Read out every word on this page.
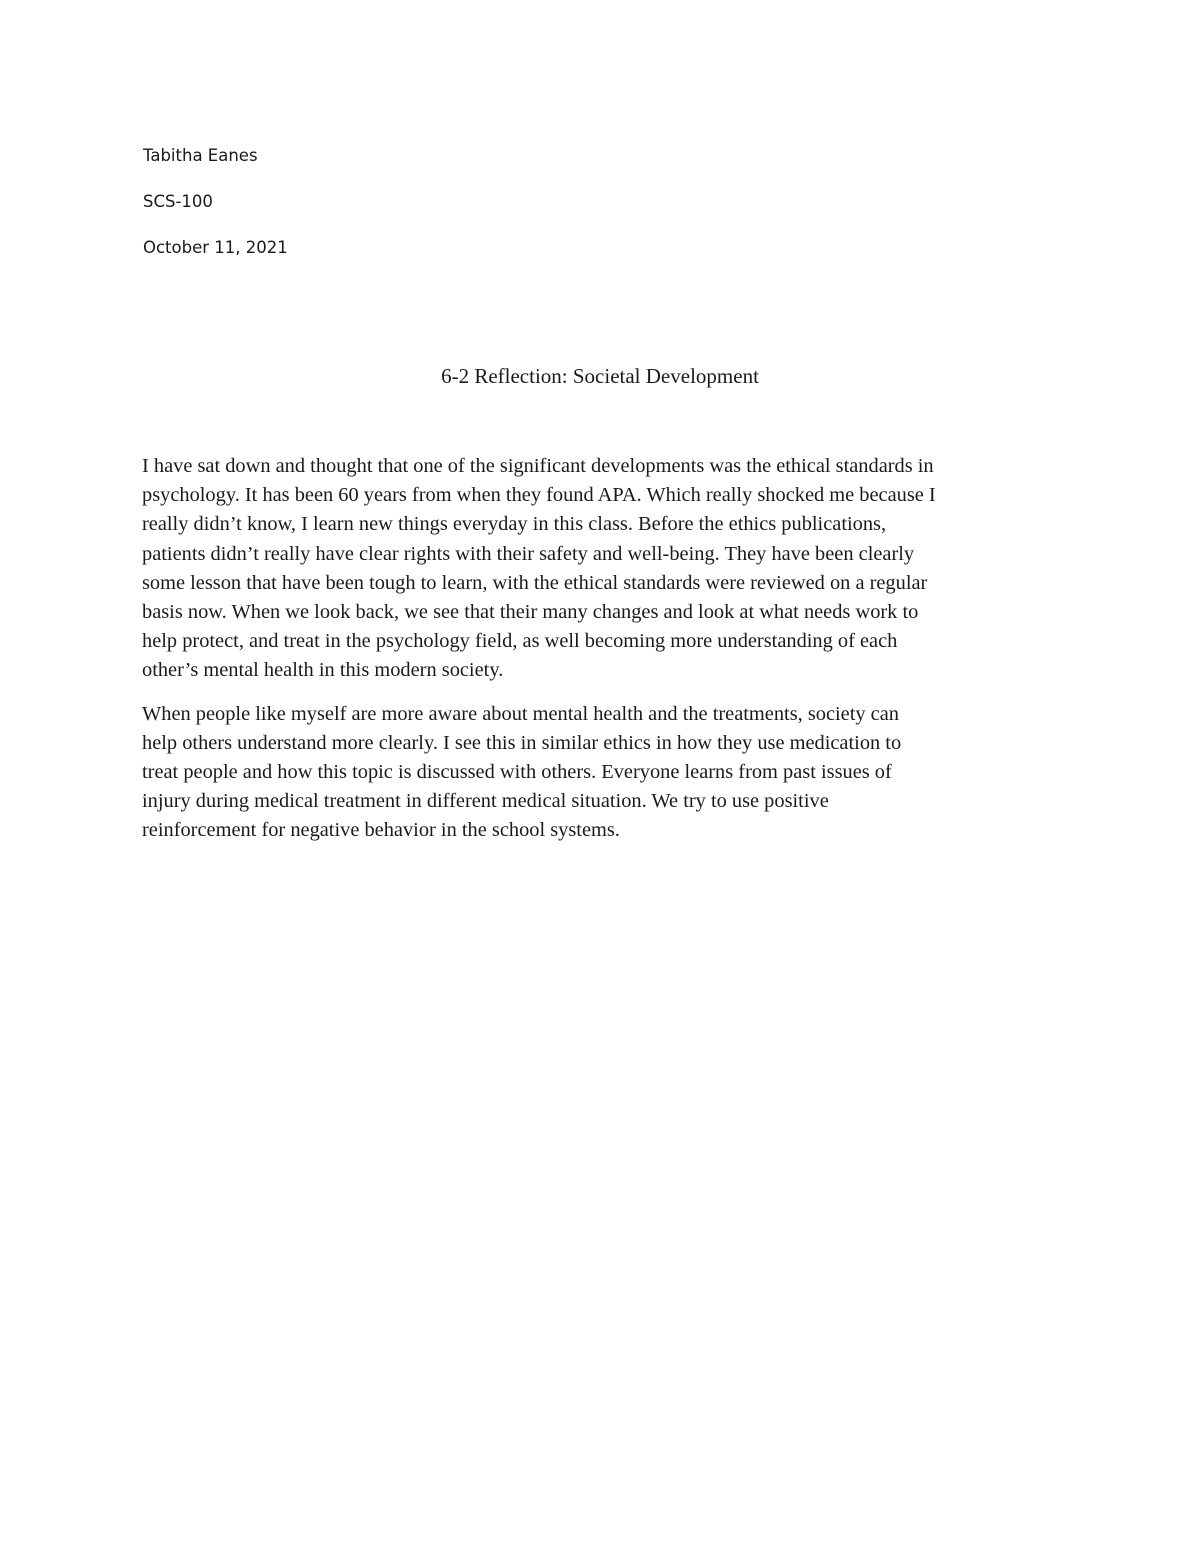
Tabitha Eanes
SCS-100
October 11, 2021
6-2 Reflection: Societal Development

I have sat down and thought that one of the significant developments was the ethical standards in
psychology. It has been 60 years from when they found APA. Which really shocked me because I
really didn’t know, I learn new things everyday in this class. Before the ethics publications,
patients didn’t really have clear rights with their safety and well-being. They have been clearly
some lesson that have been tough to learn, with the ethical standards were reviewed on a regular
basis now. When we look back, we see that their many changes and look at what needs work to
help protect, and treat in the psychology field, as well becoming more understanding of each
other’s mental health in this modern society.

When people like myself are more aware about mental health and the treatments, society can
help others understand more clearly. I see this in similar ethics in how they use medication to
treat people and how this topic is discussed with others. Everyone learns from past issues of
injury during medical treatment in different medical situation. We try to use positive
reinforcement for negative behavior in the school systems.
